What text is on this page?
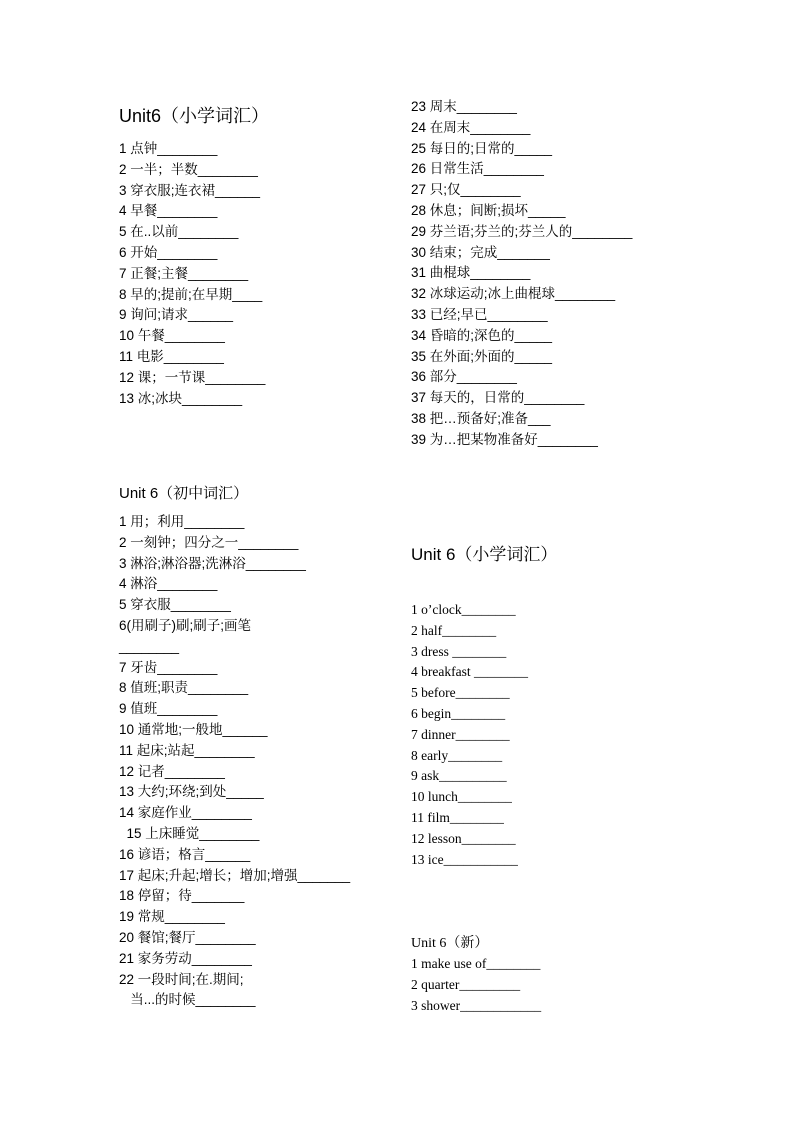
Unit6（小学词汇）
1 点钟________
2 一半；半数________
3 穿衣服;连衣裙______
4 早餐________
5 在..以前________
6 开始________
7 正餐;主餐________
8 早的;提前;在早期____
9 询问;请求______
10 午餐________
11 电影________
12 课；一节课________
13 冰;冰块________
23 周末________
24 在周末________
25 每日的;日常的_____
26 日常生活________
27 只;仅________
28 休息；间断;损坏_____
29 芬兰语;芬兰的;芬兰人的________
30 结束；完成_______
31 曲棍球________
32 冰球运动;冰上曲棍球________
33 已经;早已________
34 昏暗的;深色的_____
35 在外面;外面的_____
36 部分________
37 每天的，日常的________
38 把…预备好;准备___
39 为…把某物准备好________
Unit 6（初中词汇）
1 用；利用________
2 一刻钟；四分之一________
3 淋浴;淋浴器;洗淋浴________
4 淋浴________
5 穿衣服________
6(用刷子)刷;刷子;画笔
________
7 牙齿________
8 值班;职责________
9 值班________
10 通常地;一般地______
11 起床;站起________
12 记者________
13 大约;环绕;到处_____
14 家庭作业________
15 上床睡觉________
16 谚语；格言______
17 起床;升起;增长；增加;增强_______
18 停留；待_______
19 常规________
20 餐馆;餐厅________
21 家务劳动________
22 一段时间;在.期间;
当...的时候________
Unit 6（小学词汇）
1 o’clock________
2 half________
3 dress ________
4 breakfast ________
5 before________
6 begin________
7 dinner________
8 early________
9 ask__________
10 lunch________
11 film________
12 lesson________
13 ice___________
Unit 6（新）
1 make use of________
2 quarter_________
3 shower____________
